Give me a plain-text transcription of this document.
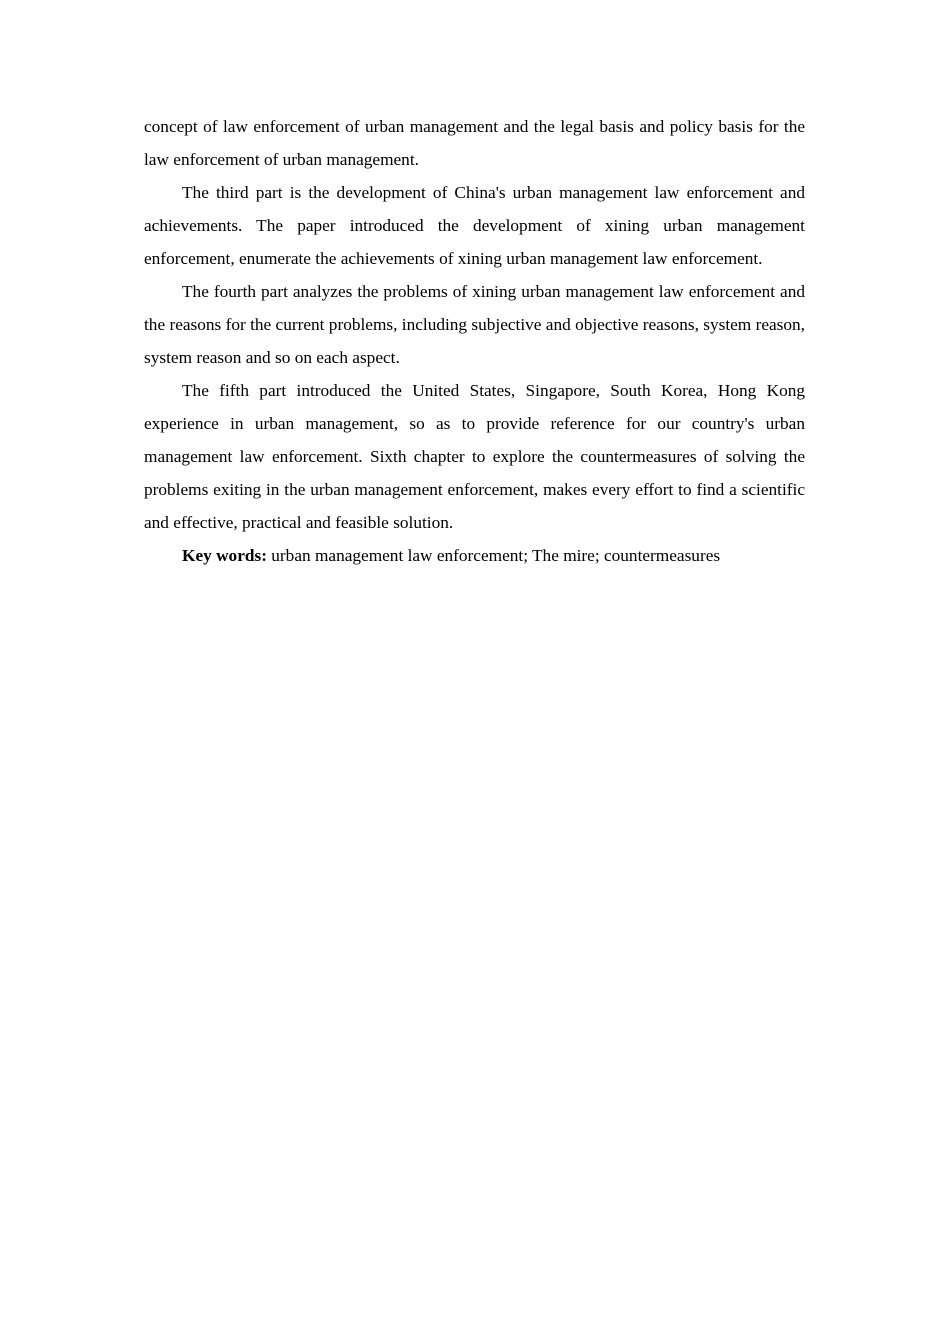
concept of law enforcement of urban management and the legal basis and policy basis for the law enforcement of urban management.

The third part is the development of China's urban management law enforcement and achievements. The paper introduced the development of xining urban management enforcement, enumerate the achievements of xining urban management law enforcement.

The fourth part analyzes the problems of xining urban management law enforcement and the reasons for the current problems, including subjective and objective reasons, system reason, system reason and so on each aspect.

The fifth part introduced the United States, Singapore, South Korea, Hong Kong experience in urban management, so as to provide reference for our country's urban management law enforcement. Sixth chapter to explore the countermeasures of solving the problems exiting in the urban management enforcement, makes every effort to find a scientific and effective, practical and feasible solution.

Key words: urban management law enforcement; The mire; countermeasures
